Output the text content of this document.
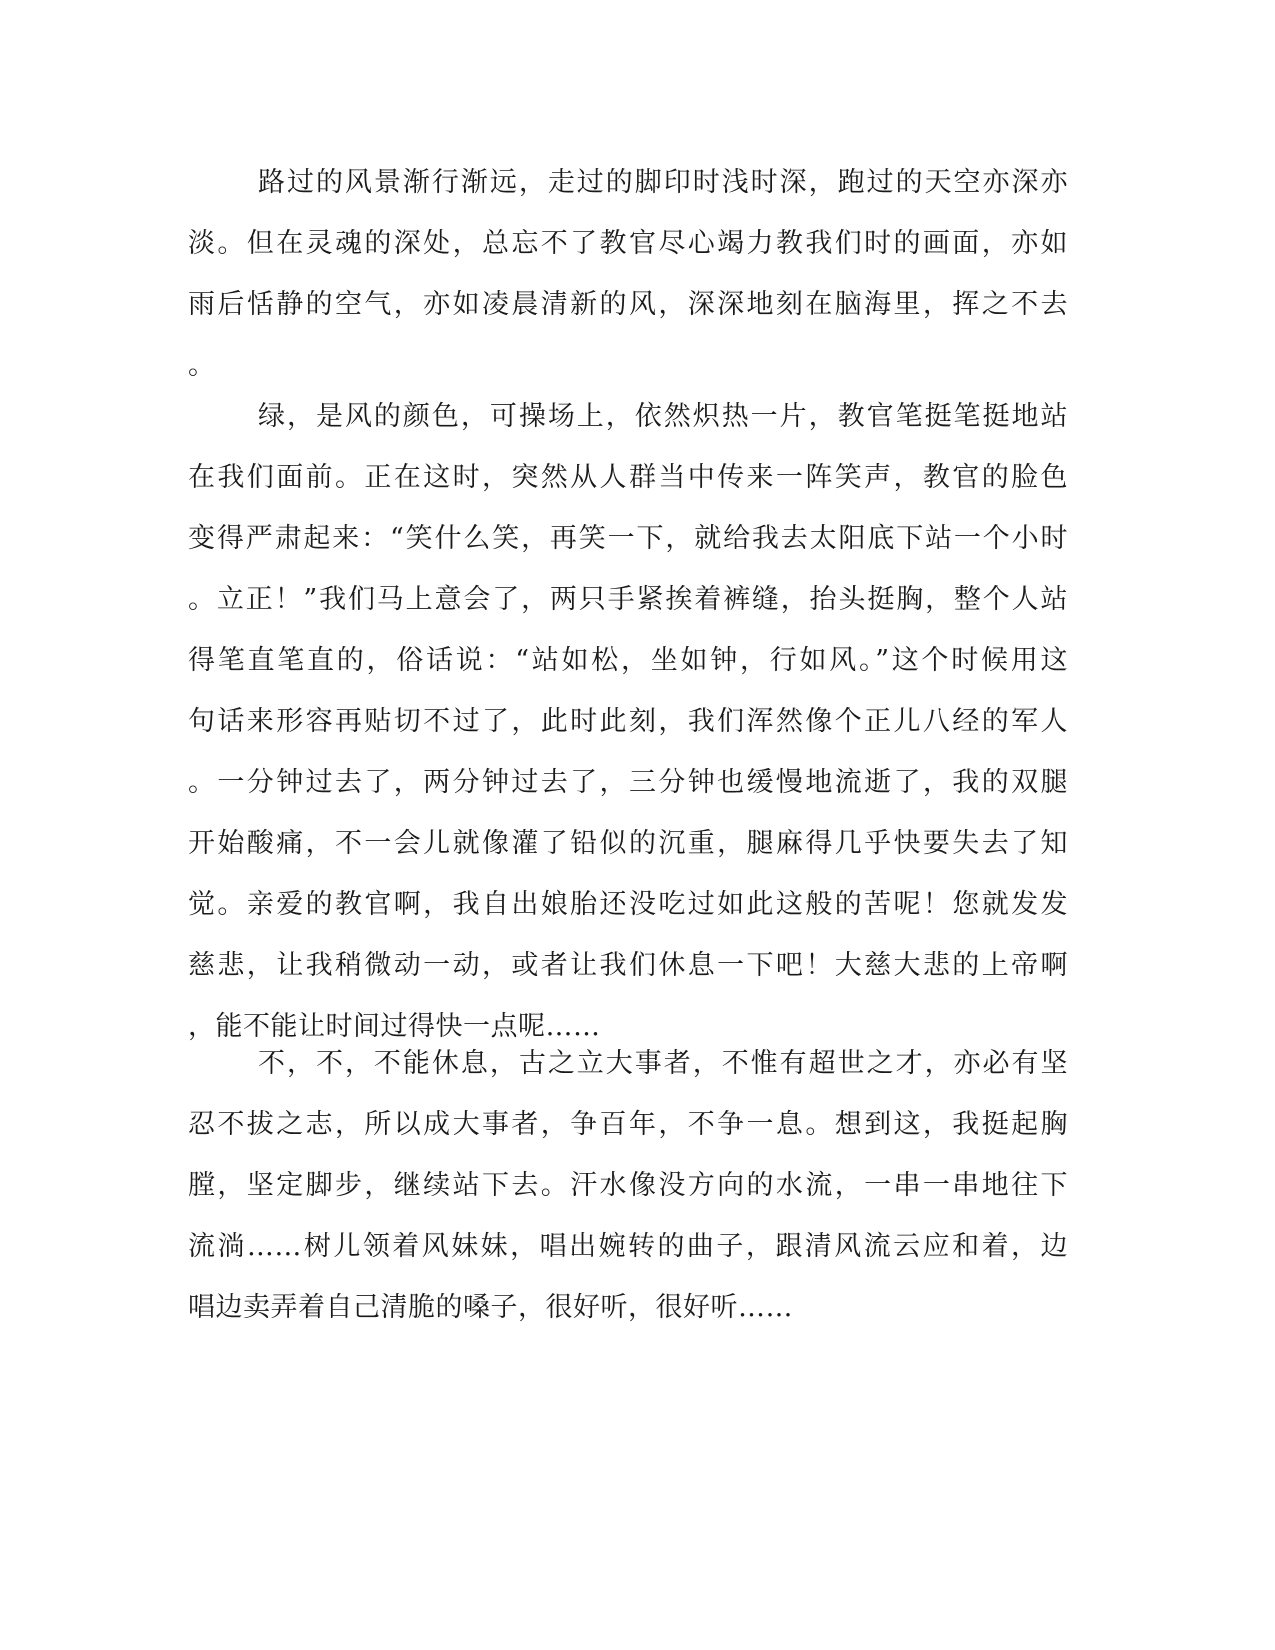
路过的风景渐行渐远，走过的脚印时浅时深，跑过的天空亦深亦
淡。但在灵魂的深处，总忘不了教官尽心竭力教我们时的画面，亦如
雨后恬静的空气，亦如凌晨清新的风，深深地刻在脑海里，挥之不去
。
绿，是风的颜色，可操场上，依然炽热一片，教官笔挺笔挺地站
在我们面前。正在这时，突然从人群当中传来一阵笑声，教官的脸色
变得严肃起来：“笑什么笑，再笑一下，就给我去太阳底下站一个小时
。立正！”我们马上意会了，两只手紧挨着裤缝，抬头挺胸，整个人站
得笔直笔直的，俗话说：“站如松，坐如钟，行如风。”这个时候用这
句话来形容再贴切不过了，此时此刻，我们浑然像个正儿八经的军人
。一分钟过去了，两分钟过去了，三分钟也缓慢地流逝了，我的双腿
开始酸痛，不一会儿就像灌了铅似的沉重，腿麻得几乎快要失去了知
觉。亲爱的教官啊，我自出娘胎还没吃过如此这般的苦呢！您就发发
慈悲，让我稍微动一动，或者让我们休息一下吧！大慈大悲的上帝啊
，能不能让时间过得快一点呢……
不，不，不能休息，古之立大事者，不惟有超世之才，亦必有坚
忍不拔之志，所以成大事者，争百年，不争一息。想到这，我挺起胸
膛，坚定脚步，继续站下去。汗水像没方向的水流，一串一串地往下
流淌……树儿领着风妹妹，唱出婉转的曲子，跟清风流云应和着，边
唱边卖弄着自己清脆的嗓子，很好听，很好听……
